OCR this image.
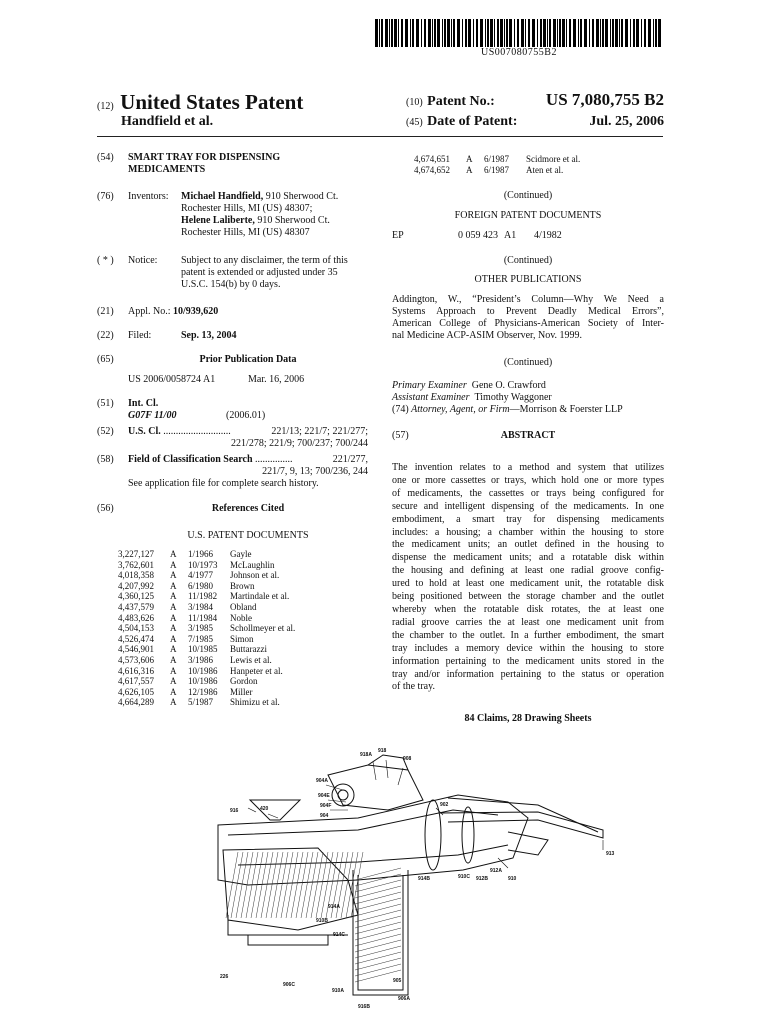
US007080755B2
(12) United States Patent
Handfield et al.
(10) Patent No.:	US 7,080,755 B2
(45) Date of Patent:	Jul. 25, 2006
(54) SMART TRAY FOR DISPENSING
MEDICAMENTS
(76) Inventors: Michael Handfield, 910 Sherwood Ct.
Rochester Hills, MI (US) 48307;
Helene Laliberte, 910 Sherwood Ct.
Rochester Hills, MI (US) 48307
( * ) Notice: Subject to any disclaimer, the term of this
patent is extended or adjusted under 35
U.S.C. 154(b) by 0 days.
(21) Appl. No.: 10/939,620
(22) Filed:	Sep. 13, 2004
(65)	Prior Publication Data
US 2006/0058724 A1	Mar. 16, 2006
(51) Int. Cl.
G07F 11/00	(2006.01)
(52) U.S. Cl. ...........................	221/13; 221/7; 221/277;
221/278; 221/9; 700/237; 700/244
(58) Field of Classification Search ...............	221/277,
221/7, 9, 13; 700/236, 244
See application file for complete search history.
(56)	References Cited
U.S. PATENT DOCUMENTS
3,227,127	A	1/1966	Gayle
3,762,601	A	10/1973	McLaughlin
4,018,358	A	4/1977	Johnson et al.
4,207,992	A	6/1980	Brown
4,360,125	A	11/1982	Martindale et al.
4,437,579	A	3/1984	Obland
4,483,626	A	11/1984	Noble
4,504,153	A	3/1985	Schollmeyer et al.
4,526,474	A	7/1985	Simon
4,546,901	A	10/1985	Buttarazzi
4,573,606	A	3/1986	Lewis et al.
4,616,316	A	10/1986	Hanpeter et al.
4,617,557	A	10/1986	Gordon
4,626,105	A	12/1986	Miller
4,664,289	A	5/1987	Shimizu et al.
4,674,651	A	6/1987	Scidmore et al.
4,674,652	A	6/1987	Aten et al.
(Continued)
FOREIGN PATENT DOCUMENTS
EP	0 059 423 A1 4/1982
(Continued)
OTHER PUBLICATIONS
Addington, W., “President’s Column—Why We Need a
Systems Approach to Prevent Deadly Medical Errors”,
American College of Physicians-American Society of Inter-
nal Medicine ACP-ASIM Observer, Nov. 1999.
(Continued)
Primary Examiner Gene O. Crawford
Assistant Examiner Timothy Waggoner
(74) Attorney, Agent, or Firm—Morrison & Foerster LLP
(57)	ABSTRACT
The invention relates to a method and system that utilizes
one or more cassettes or trays, which hold one or more types
of medicaments, the cassettes or trays being configured for
secure and intelligent dispensing of the medicaments. In one
embodiment, a smart tray for dispensing medicaments
includes: a housing; a chamber within the housing to store
the medicament units; an outlet defined in the housing to
dispense the medicament units; and a rotatable disk within
the housing and defining at least one radial groove config-
ured to hold at least one medicament unit, the rotatable disk
being positioned between the storage chamber and the outlet
whereby when the rotatable disk rotates, the at least one
radial groove carries the at least one medicament unit from
the chamber to the outlet. In a further embodiment, the smart
tray includes a memory device within the housing to store
information pertaining to the medicament units stored in the
tray and/or information pertaining to the status or operation
of the tray.
84 Claims, 28 Drawing Sheets
918A
918
908
904A
904E
904F
904
902
916	420
913
910C 912B
912A
910
914B
914A
910B
914C
226
905
906C
910A
916B
906A
